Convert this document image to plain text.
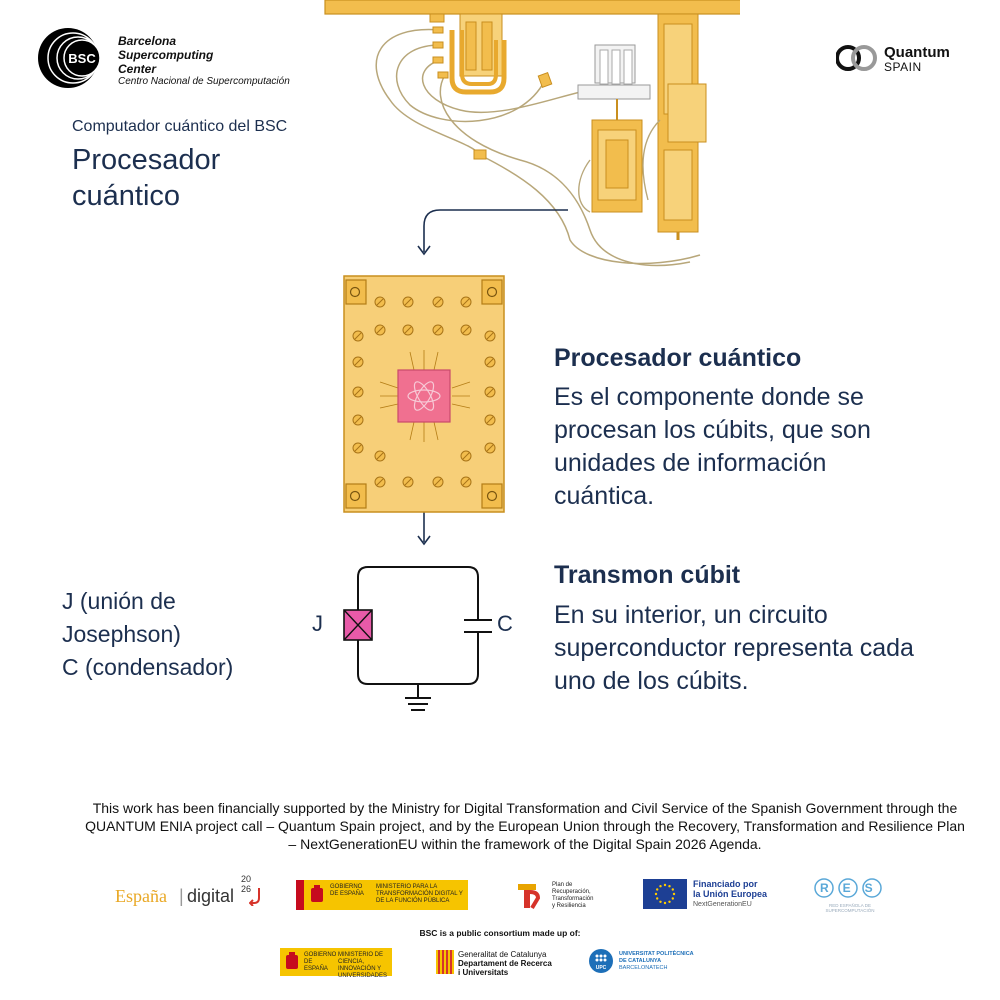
BSC
Barcelona
Supercomputing
Center
Centro Nacional de Supercomputación
Quantum
SPAIN
Computador cuántico del BSC
Procesador
cuántico
J	C
J (unión de
Josephson)
C (condensador)
Procesador cuántico
Es el componente donde se procesan los cúbits, que son unidades de información cuántica.
Transmon cúbit
En su interior, un circuito superconductor representa cada uno de los cúbits.
This work has been financially supported by the Ministry for Digital Transformation and Civil Service of the Spanish Government through the QUANTUM ENIA project call – Quantum Spain project, and by the European Union through the Recovery, Transformation and Resilience Plan – NextGenerationEU within the framework of the Digital Spain 2026 Agenda.
España | digital
20
26	GOBIERNO DE ESPAÑA
MINISTERIO PARA LA TRANSFORMACIÓN DIGITAL Y DE LA FUNCIÓN PÚBLICA
Plan de
Recuperación,
Transformación
y Resiliencia
Financiado por
la Unión Europea
NextGenerationEU
RES
RED ESPAÑOLA DE SUPERCOMPUTACIÓN
BSC is a public consortium made up of:
GOBIERNO DE ESPAÑA
MINISTERIO DE CIENCIA, INNOVACIÓN Y UNIVERSIDADES
Generalitat de Catalunya
Departament de Recerca
i Universitats	UPC
UNIVERSITAT POLITÈCNICA
DE CATALUNYA
BARCELONATECH
